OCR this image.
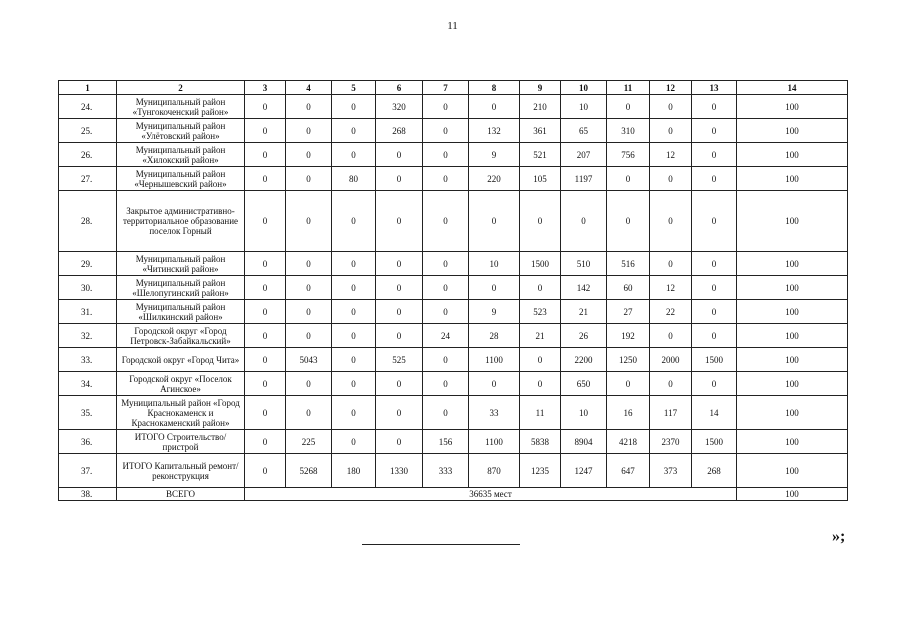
11
1	2	3	4	5	6	7	8	9	10	11	12	13	14
24.	Муниципальный район «Тунгокоченский район»	0	0	0	320	0	0	210	10	0	0	0	100
25.	Муниципальный район «Улётовский район»	0	0	0	268	0	132	361	65	310	0	0	100
26.	Муниципальный район «Хилокский район»	0	0	0	0	0	9	521	207	756	12	0	100
27.	Муниципальный район «Чернышевский район»	0	0	80	0	0	220	105	1197	0	0	0	100
28.	Закрытое административно-территориальное образование поселок Горный	0	0	0	0	0	0	0	0	0	0	0	100
29.	Муниципальный район «Читинский район»	0	0	0	0	0	10	1500	510	516	0	0	100
30.	Муниципальный район «Шелопугинский район»	0	0	0	0	0	0	0	142	60	12	0	100
31.	Муниципальный район «Шилкинский район»	0	0	0	0	0	9	523	21	27	22	0	100
32.	Городской округ «Город Петровск-Забайкальский»	0	0	0	0	24	28	21	26	192	0	0	100
33.	Городской округ «Город Чита»	0	5043	0	525	0	1100	0	2200	1250	2000	1500	100
34.	Городской округ «Поселок Агинское»	0	0	0	0	0	0	0	650	0	0	0	100
35.	Муниципальный район «Город Краснокаменск и Краснокаменский район»	0	0	0	0	0	33	11	10	16	117	14	100
36.	ИТОГО Строительство/пристрой	0	225	0	0	156	1100	5838	8904	4218	2370	1500	100
37.	ИТОГО Капитальный ремонт/реконструкция	0	5268	180	1330	333	870	1235	1247	647	373	268	100
38.	ВСЕГО	36635 мест											100
»;
